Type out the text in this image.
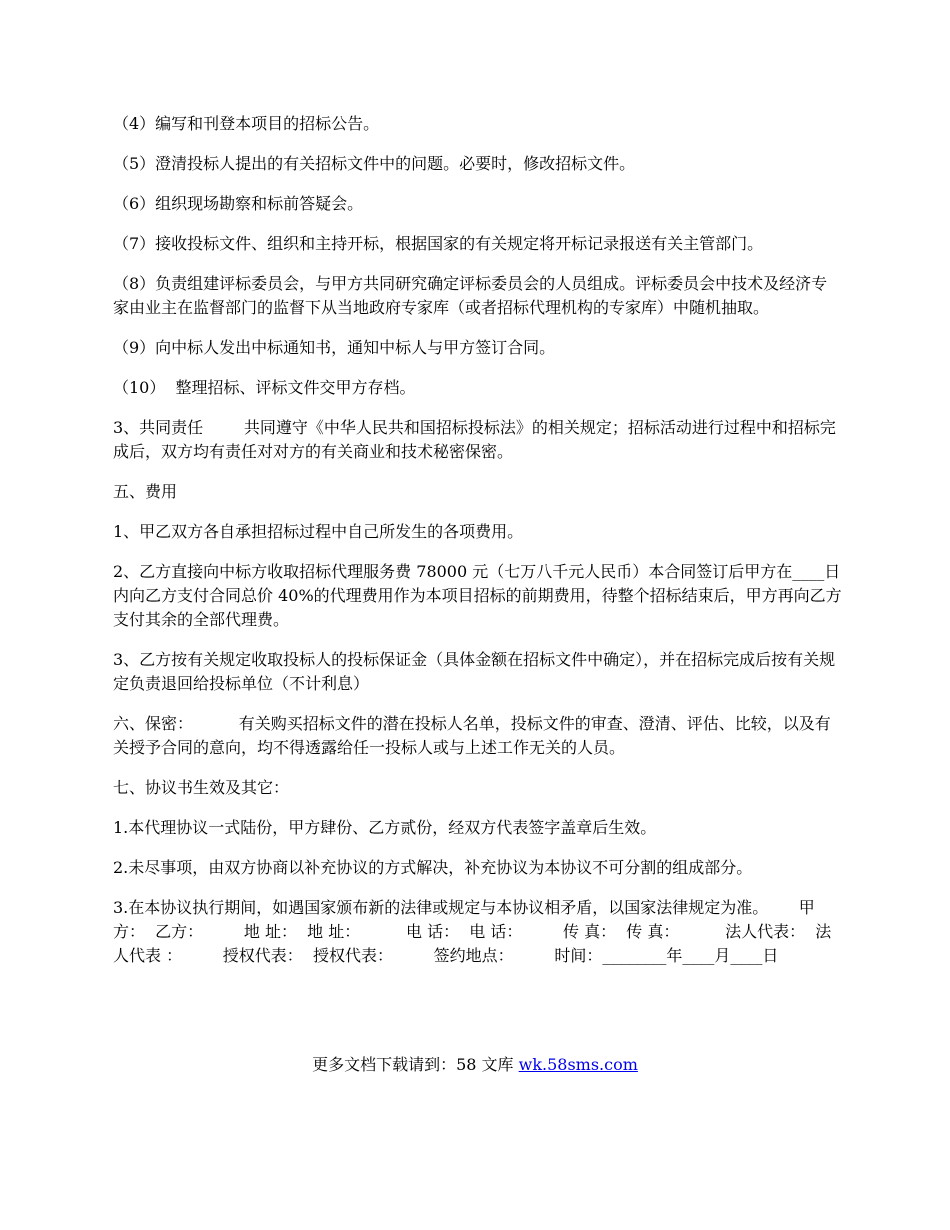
（4）编写和刊登本项目的招标公告。

（5）澄清投标人提出的有关招标文件中的问题。必要时，修改招标文件。

（6）组织现场勘察和标前答疑会。

（7）接收投标文件、组织和主持开标，根据国家的有关规定将开标记录报送有关主管部门。

（8）负责组建评标委员会，与甲方共同研究确定评标委员会的人员组成。评标委员会中技术及经济专家由业主在监督部门的监督下从当地政府专家库（或者招标代理机构的专家库）中随机抽取。

（9）向中标人发出中标通知书，通知中标人与甲方签订合同。

（10）  整理招标、评标文件交甲方存档。

3、共同责任        共同遵守《中华人民共和国招标投标法》的相关规定；招标活动进行过程中和招标完成后，双方均有责任对对方的有关商业和技术秘密保密。

五、费用

1、甲乙双方各自承担招标过程中自己所发生的各项费用。

2、乙方直接向中标方收取招标代理服务费 78000 元（七万八千元人民币）本合同签订后甲方在____日内向乙方支付合同总价 40%的代理费用作为本项目招标的前期费用，待整个招标结束后，甲方再向乙方支付其余的全部代理费。

3、乙方按有关规定收取投标人的投标保证金（具体金额在招标文件中确定），并在招标完成后按有关规定负责退回给投标单位（不计利息）

六、保密：         有关购买招标文件的潜在投标人名单，投标文件的审查、澄清、评估、比较，以及有关授予合同的意向，均不得透露给任一投标人或与上述工作无关的人员。

七、协议书生效及其它：

1.本代理协议一式陆份，甲方肆份、乙方贰份，经双方代表签字盖章后生效。

2.未尽事项，由双方协商以补充协议的方式解决，补充协议为本协议不可分割的组成部分。

3.在本协议执行期间，如遇国家颁布新的法律或规定与本协议相矛盾，以国家法律规定为准。      甲方：  乙方：        地 址：  地 址：         电 话：  电 话：        传 真：  传 真：         法人代表：  法人代表 ：        授权代表：  授权代表：        签约地点：        时间：________年____月____日

更多文档下载请到：58 文库 wk.58sms.com
